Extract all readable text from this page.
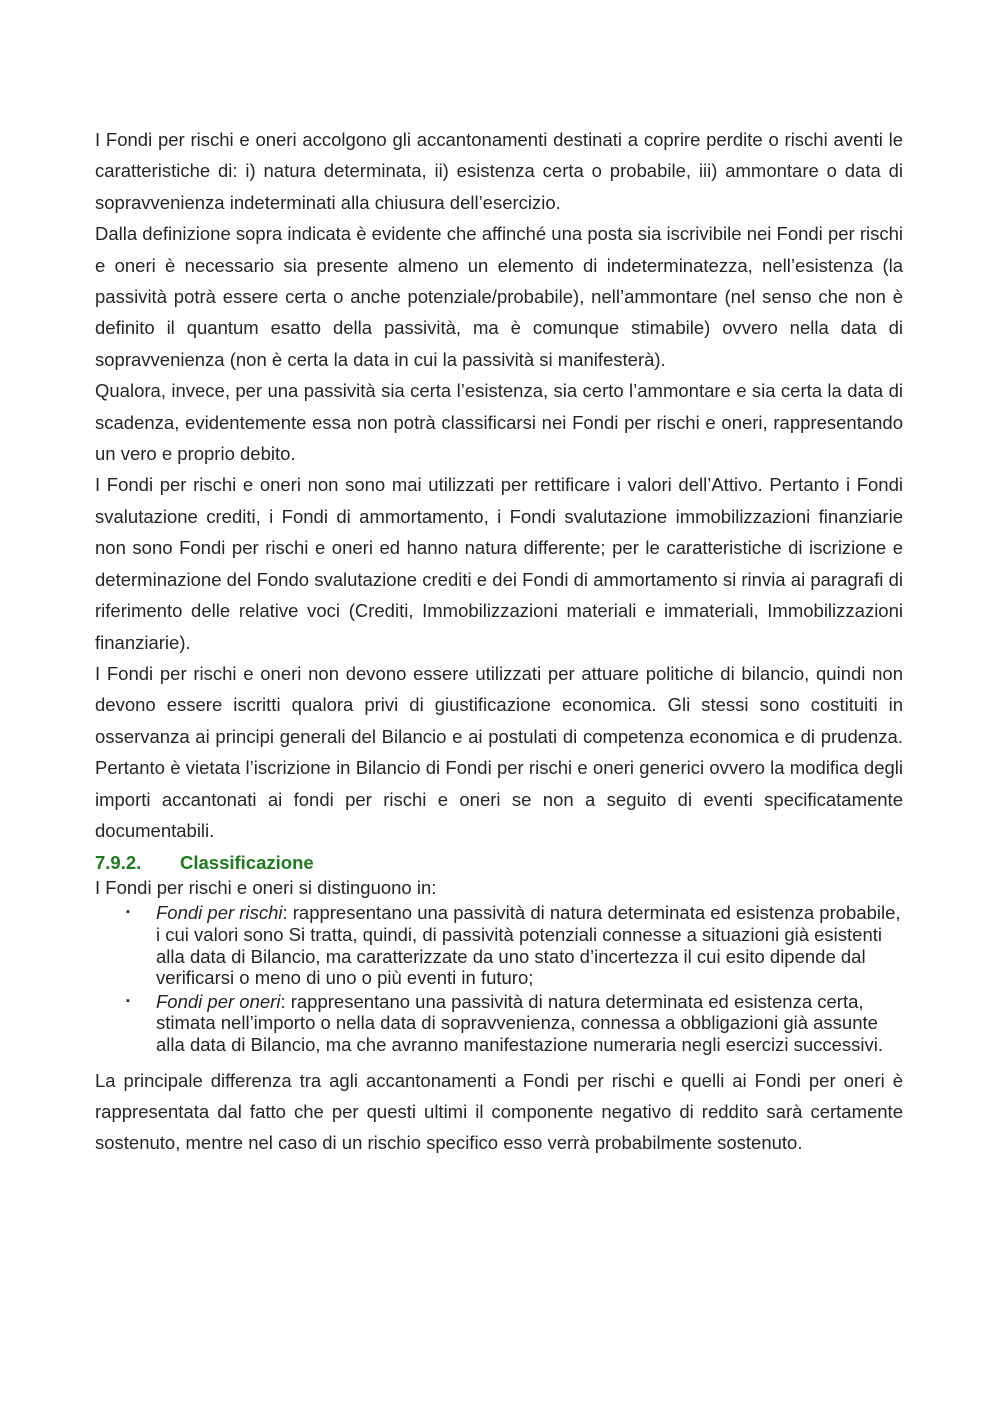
I Fondi per rischi e oneri accolgono gli accantonamenti destinati a coprire perdite o rischi aventi le caratteristiche di: i) natura determinata, ii) esistenza certa o probabile, iii) ammontare o data di sopravvenienza indeterminati alla chiusura dell’esercizio.

Dalla definizione sopra indicata è evidente che affinché una posta sia iscrivibile nei Fondi per rischi e oneri è necessario sia presente almeno un elemento di indeterminatezza, nell’esistenza (la passività potrà essere certa o anche potenziale/probabile), nell’ammontare (nel senso che non è definito il quantum esatto della passività, ma è comunque stimabile) ovvero nella data di sopravvenienza (non è certa la data in cui la passività si manifesterà).

Qualora, invece, per una passività sia certa l’esistenza, sia certo l’ammontare e sia certa la data di scadenza, evidentemente essa non potrà classificarsi nei Fondi per rischi e oneri, rappresentando un vero e proprio debito.

I Fondi per rischi e oneri non sono mai utilizzati per rettificare i valori dell’Attivo. Pertanto i Fondi svalutazione crediti, i Fondi di ammortamento, i Fondi svalutazione immobilizzazioni finanziarie non sono Fondi per rischi e oneri ed hanno natura differente; per le caratteristiche di iscrizione e determinazione del Fondo svalutazione crediti e dei Fondi di ammortamento si rinvia ai paragrafi di riferimento delle relative voci (Crediti, Immobilizzazioni materiali e immateriali, Immobilizzazioni finanziarie).

I Fondi per rischi e oneri non devono essere utilizzati per attuare politiche di bilancio, quindi non devono essere iscritti qualora privi di giustificazione economica. Gli stessi sono costituiti in osservanza ai principi generali del Bilancio e ai postulati di competenza economica e di prudenza. Pertanto è vietata l’iscrizione in Bilancio di Fondi per rischi e oneri generici ovvero la modifica degli importi accantonati ai fondi per rischi e oneri se non a seguito di eventi specificatamente documentabili.

7.9.2.	Classificazione

I Fondi per rischi e oneri si distinguono in:

▪ Fondi per rischi: rappresentano una passività di natura determinata ed esistenza probabile, i cui valori sono Si tratta, quindi, di passività potenziali connesse a situazioni già esistenti alla data di Bilancio, ma caratterizzate da uno stato d’incertezza il cui esito dipende dal verificarsi o meno di uno o più eventi in futuro;
▪ Fondi per oneri: rappresentano una passività di natura determinata ed esistenza certa, stimata nell’importo o nella data di sopravvenienza, connessa a obbligazioni già assunte alla data di Bilancio, ma che avranno manifestazione numeraria negli esercizi successivi.

La principale differenza tra agli accantonamenti a Fondi per rischi e quelli ai Fondi per oneri è rappresentata dal fatto che per questi ultimi il componente negativo di reddito sarà certamente sostenuto, mentre nel caso di un rischio specifico esso verrà probabilmente sostenuto.
